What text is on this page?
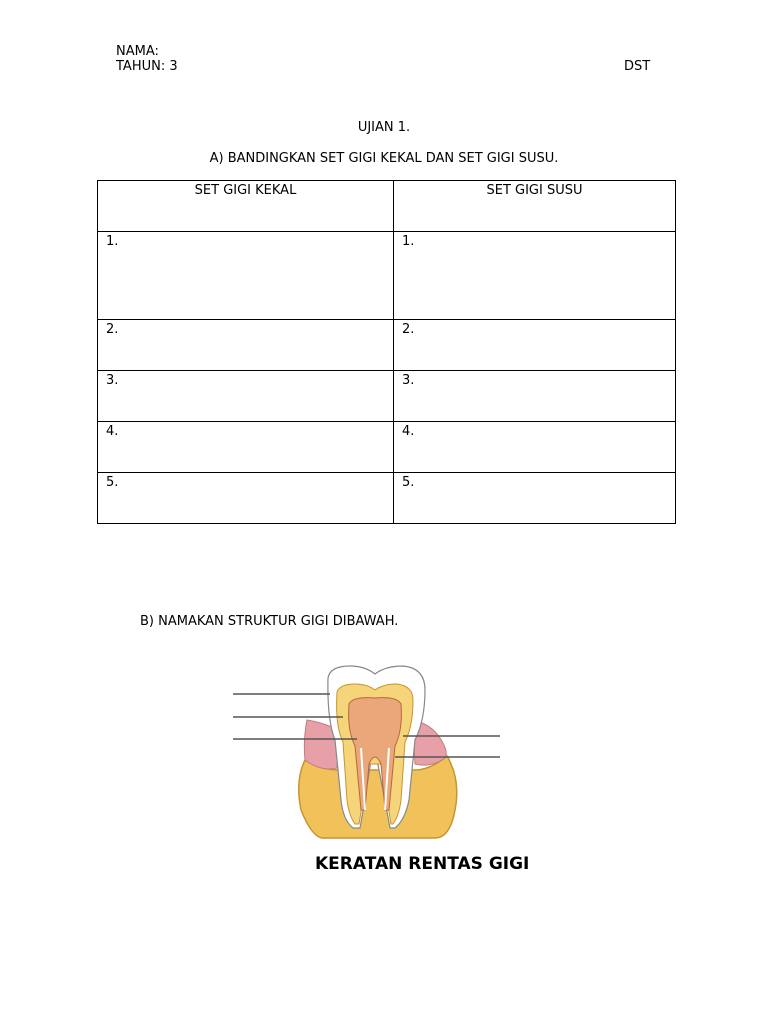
NAMA:
TAHUN: 3	DST
UJIAN 1.
A) BANDINGKAN SET GIGI KEKAL DAN SET GIGI SUSU.
SET GIGI KEKAL	SET GIGI SUSU
1.	1.
2.	2.
3.	3.
4.	4.
5.	5.
B) NAMAKAN STRUKTUR GIGI DIBAWAH.
KERATAN RENTAS GIGI
